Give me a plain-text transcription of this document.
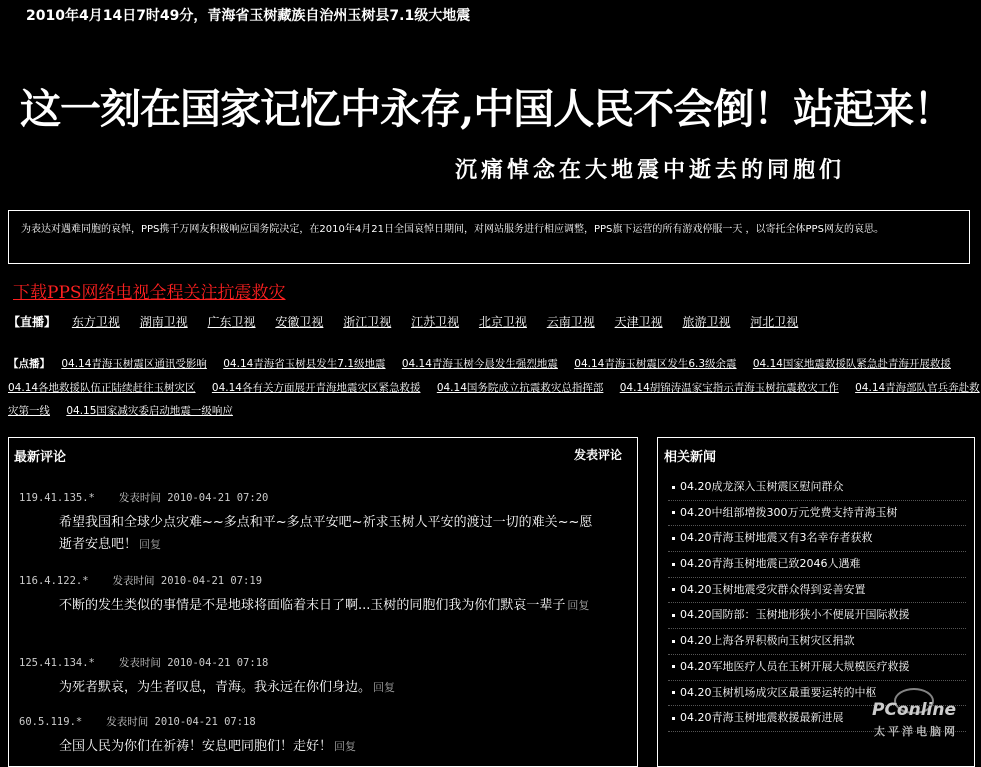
2010年4月14日7时49分，青海省玉树藏族自治州玉树县7.1级大地震
这一刻在国家记忆中永存,中国人民不会倒！站起来！
沉痛悼念在大地震中逝去的同胞们
为表达对遇难同胞的哀悼，PPS携千万网友积极响应国务院决定，在2010年4月21日全国哀悼日期间，对网站服务进行相应调整，PPS旗下运营的所有游戏停服一天 ，以寄托全体PPS网友的哀思。
下载PPS网络电视全程关注抗震救灾
【直播】 东方卫视 湖南卫视 广东卫视 安徽卫视 浙江卫视 江苏卫视 北京卫视 云南卫视 天津卫视 旅游卫视 河北卫视
【点播】 04.14青海玉树震区通讯受影响 04.14青海省玉树县发生7.1级地震 04.14青海玉树今晨发生强烈地震 04.14青海玉树震区发生6.3级余震 04.14国家地震救援队紧急赴青海开展救援 04.14各地救援队伍正陆续赶往玉树灾区 04.14各有关方面展开青海地震灾区紧急救援 04.14国务院成立抗震救灾总指挥部 04.14胡锦涛温家宝指示青海玉树抗震救灾工作 04.14青海部队官兵奔赴救灾第一线 04.15国家减灾委启动地震一级响应
最新评论	发表评论
119.41.135.* 发表时间 2010-04-21 07:20
希望我国和全球少点灾难~~多点和平~多点平安吧~祈求玉树人平安的渡过一切的难关~~愿逝者安息吧！ 回复
116.4.122.* 发表时间 2010-04-21 07:19
不断的发生类似的事情是不是地球将面临着末日了啊...玉树的同胞们我为你们默哀一辈子 回复
125.41.134.* 发表时间 2010-04-21 07:18
为死者默哀，为生者叹息，青海。我永远在你们身边。 回复
60.5.119.* 发表时间 2010-04-21 07:18
全国人民为你们在祈祷！安息吧同胞们！走好！ 回复
相关新闻
04.20成龙深入玉树震区慰问群众
04.20中组部增拨300万元党费支持青海玉树
04.20青海玉树地震又有3名幸存者获救
04.20青海玉树地震已致2046人遇难
04.20玉树地震受灾群众得到妥善安置
04.20国防部：玉树地形狭小不便展开国际救援
04.20上海各界积极向玉树灾区捐款
04.20军地医疗人员在玉树开展大规模医疗救援
04.20玉树机场成灾区最重要运转的中枢
04.20青海玉树地震救援最新进展	PConline
太平洋电脑网
